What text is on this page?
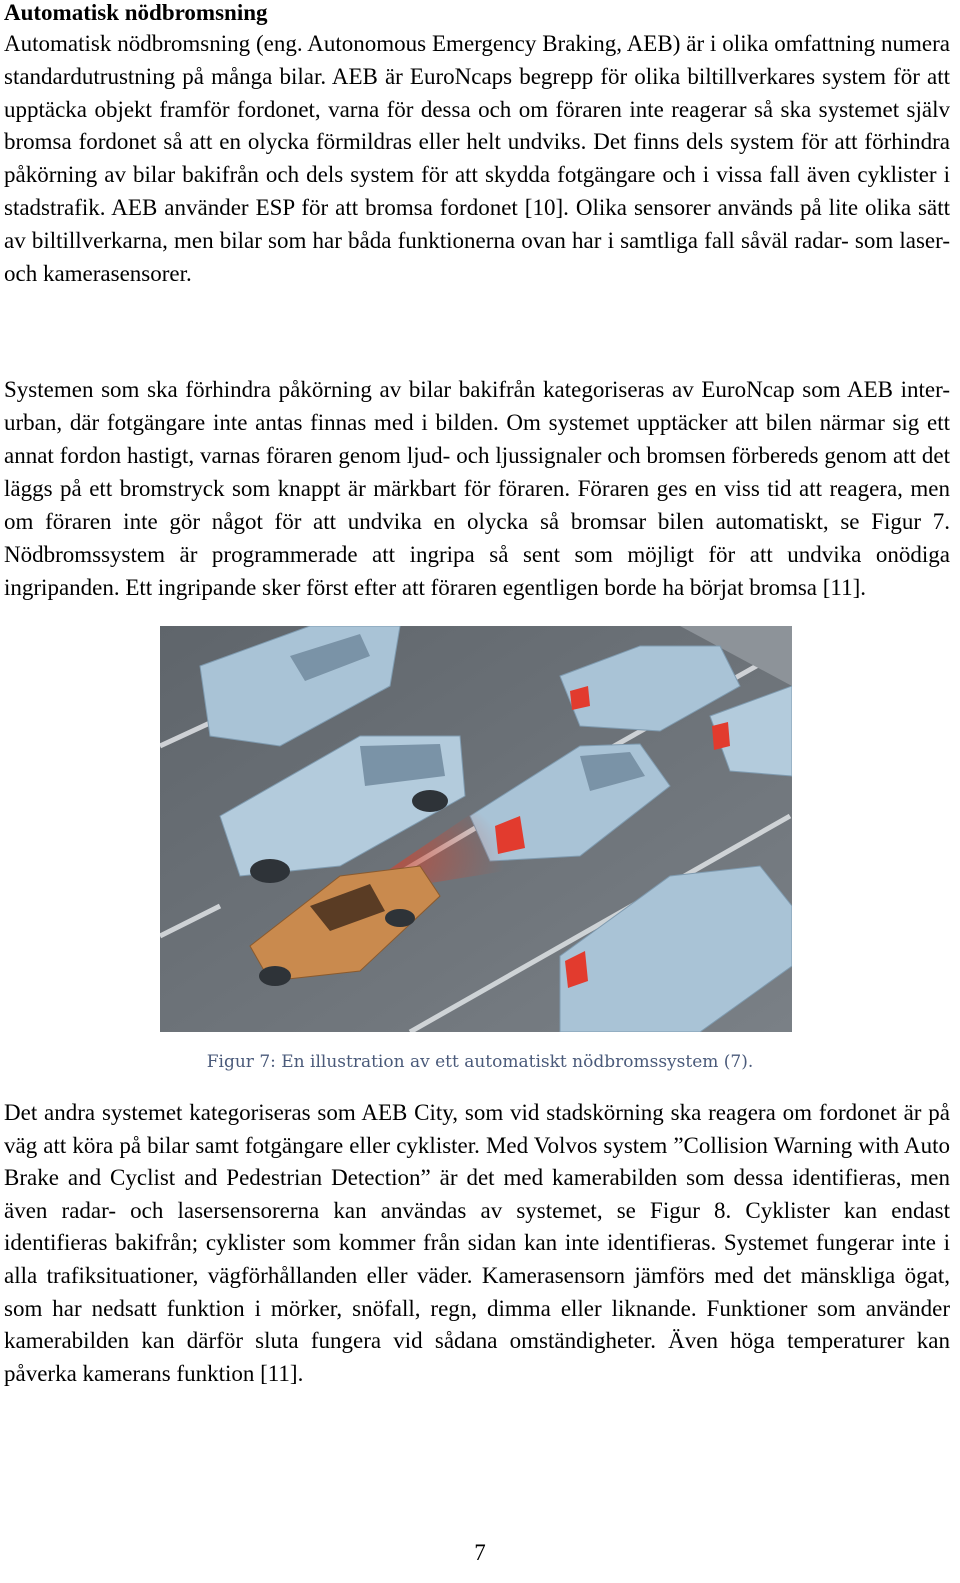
Automatisk nödbromsning

Automatisk nödbromsning (eng. Autonomous Emergency Braking, AEB) är i olika omfattning numera standardutrustning på många bilar. AEB är EuroNcaps begrepp för olika biltillverkares system för att upptäcka objekt framför fordonet, varna för dessa och om föraren inte reagerar så ska systemet själv bromsa fordonet så att en olycka förmildras eller helt undviks. Det finns dels system för att förhindra påkörning av bilar bakifrån och dels system för att skydda fotgängare och i vissa fall även cyklister i stadstrafik. AEB använder ESP för att bromsa fordonet [10]. Olika sensorer används på lite olika sätt av biltillverkarna, men bilar som har båda funktionerna ovan har i samtliga fall såväl radar- som laser- och kamerasensorer.

Systemen som ska förhindra påkörning av bilar bakifrån kategoriseras av EuroNcap som AEB inter-urban, där fotgängare inte antas finnas med i bilden. Om systemet upptäcker att bilen närmar sig ett annat fordon hastigt, varnas föraren genom ljud- och ljussignaler och bromsen förbereds genom att det läggs på ett bromstryck som knappt är märkbart för föraren. Föraren ges en viss tid att reagera, men om föraren inte gör något för att undvika en olycka så bromsar bilen automatiskt, se Figur 7. Nödbromssystem är programmerade att ingripa så sent som möjligt för att undvika onödiga ingripanden. Ett ingripande sker först efter att föraren egentligen borde ha börjat bromsa [11].

Figur 7: En illustration av ett automatiskt nödbromssystem (7).

Det andra systemet kategoriseras som AEB City, som vid stadskörning ska reagera om fordonet är på väg att köra på bilar samt fotgängare eller cyklister. Med Volvos system ”Collision Warning with Auto Brake and Cyclist and Pedestrian Detection” är det med kamerabilden som dessa identifieras, men även radar- och lasersensorerna kan användas av systemet, se Figur 8. Cyklister kan endast identifieras bakifrån; cyklister som kommer från sidan kan inte identifieras. Systemet fungerar inte i alla trafiksituationer, vägförhållanden eller väder. Kamerasensorn jämförs med det mänskliga ögat, som har nedsatt funktion i mörker, snöfall, regn, dimma eller liknande. Funktioner som använder kamerabilden kan därför sluta fungera vid sådana omständigheter. Även höga temperaturer kan påverka kamerans funktion [11].

7
